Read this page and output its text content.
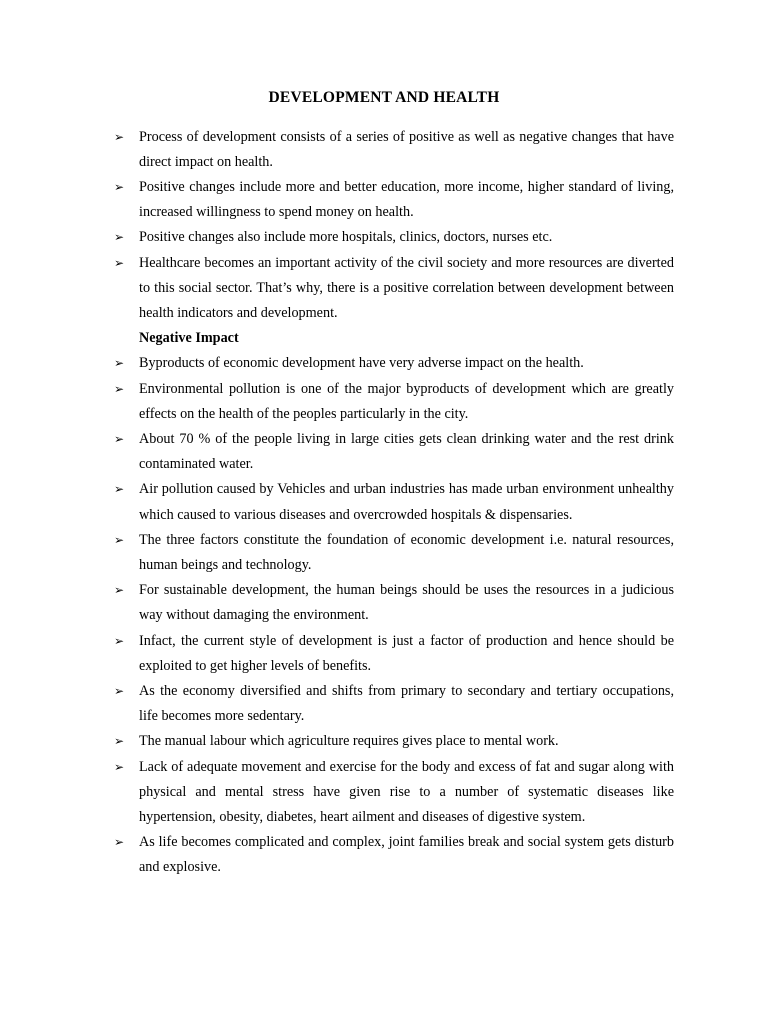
DEVELOPMENT AND HEALTH

➢	Process of development consists of a series of positive as well as negative changes that have direct impact on health.

➢	Positive changes include more and better education, more income, higher standard of living, increased willingness to spend money on health.

➢	Positive changes also include more hospitals, clinics, doctors, nurses etc.

➢	Healthcare becomes an important activity of the civil society and more resources are diverted to this social sector. That’s why, there is a positive correlation between development between health indicators and development.

Negative Impact

➢	Byproducts of economic development have very adverse impact on the health.

➢	Environmental pollution is one of the major byproducts of development which are greatly effects on the health of the peoples particularly in the city.

➢	About 70 % of the people living in large cities gets clean drinking water and the rest drink contaminated water.

➢	Air pollution caused by Vehicles and urban industries has made urban environment unhealthy which caused to various diseases and overcrowded hospitals & dispensaries.

➢	The three factors constitute the foundation of economic development i.e. natural resources, human beings and technology.

➢	For sustainable development, the human beings should be uses the resources in a judicious way without damaging the environment.

➢	Infact, the current style of development is just a factor of production and hence should be exploited to get higher levels of benefits.

➢	As the economy diversified and shifts from primary to secondary and tertiary occupations, life becomes more sedentary.

➢	The manual labour which agriculture requires gives place to mental work.

➢	Lack of adequate movement and exercise for the body and excess of fat and sugar along with physical and mental stress have given rise to a number of systematic diseases like hypertension, obesity, diabetes, heart ailment and diseases of digestive system.

➢	As life becomes complicated and complex, joint families break and social system gets disturb and explosive.
